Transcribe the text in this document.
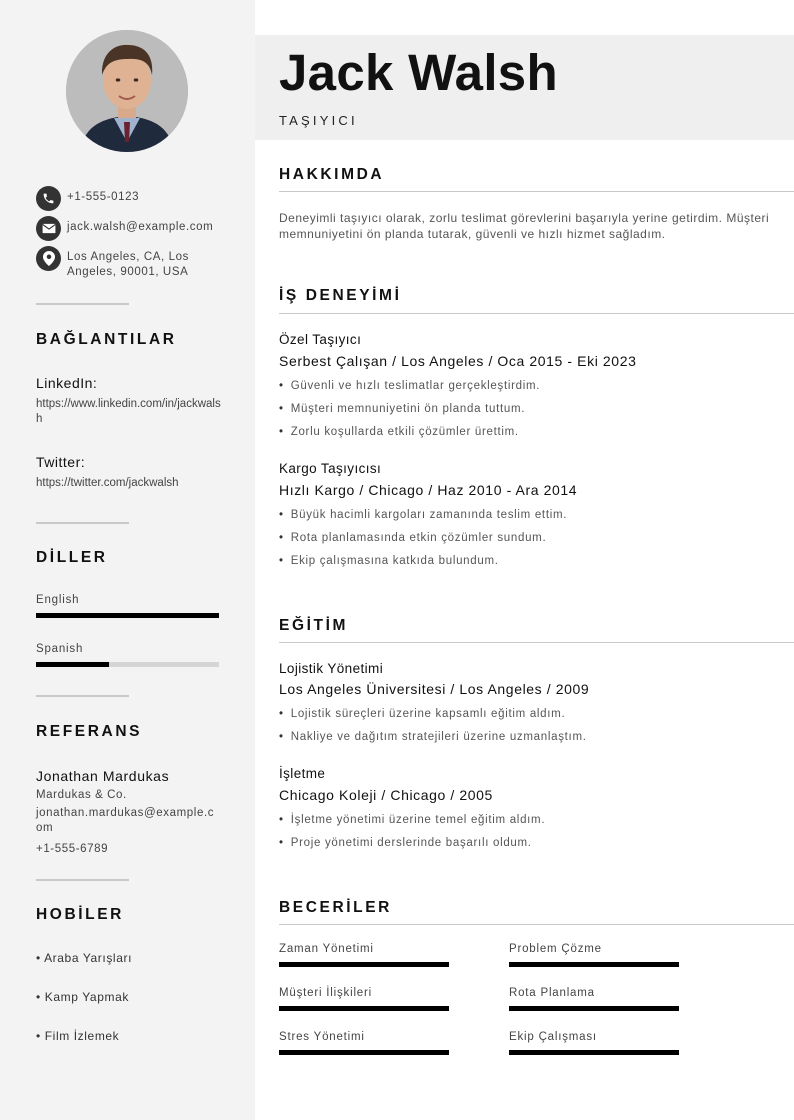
+1-555-0123
jack.walsh@example.com
Los Angeles, CA, Los Angeles, 90001, USA
BAĞLANTILAR
LinkedIn:
https://www.linkedin.com/in/jackwalsh
Twitter:
https://twitter.com/jackwalsh
DİLLER
English
Spanish
REFERANS
Jonathan Mardukas
Mardukas & Co.
jonathan.mardukas@example.com
+1-555-6789
HOBİLER
• Araba Yarışları
• Kamp Yapmak
• Film İzlemek
Jack Walsh
TAŞIYICI
HAKKIMDA
Deneyimli taşıyıcı olarak, zorlu teslimat görevlerini başarıyla yerine getirdim. Müşteri memnuniyetini ön planda tutarak, güvenli ve hızlı hizmet sağladım.
İŞ DENEYİMİ
Özel Taşıyıcı
Serbest Çalışan / Los Angeles / Oca 2015 - Eki 2023
• Güvenli ve hızlı teslimatlar gerçekleştirdim.
• Müşteri memnuniyetini ön planda tuttum.
• Zorlu koşullarda etkili çözümler ürettim.
Kargo Taşıyıcısı
Hızlı Kargo / Chicago / Haz 2010 - Ara 2014
• Büyük hacimli kargoları zamanında teslim ettim.
• Rota planlamasında etkin çözümler sundum.
• Ekip çalışmasına katkıda bulundum.
EĞİTİM
Lojistik Yönetimi
Los Angeles Üniversitesi / Los Angeles / 2009
• Lojistik süreçleri üzerine kapsamlı eğitim aldım.
• Nakliye ve dağıtım stratejileri üzerine uzmanlaştım.
İşletme
Chicago Koleji / Chicago / 2005
• İşletme yönetimi üzerine temel eğitim aldım.
• Proje yönetimi derslerinde başarılı oldum.
BECERİLER
Zaman Yönetimi	Problem Çözme
Müşteri İlişkileri	Rota Planlama
Stres Yönetimi	Ekip Çalışması
